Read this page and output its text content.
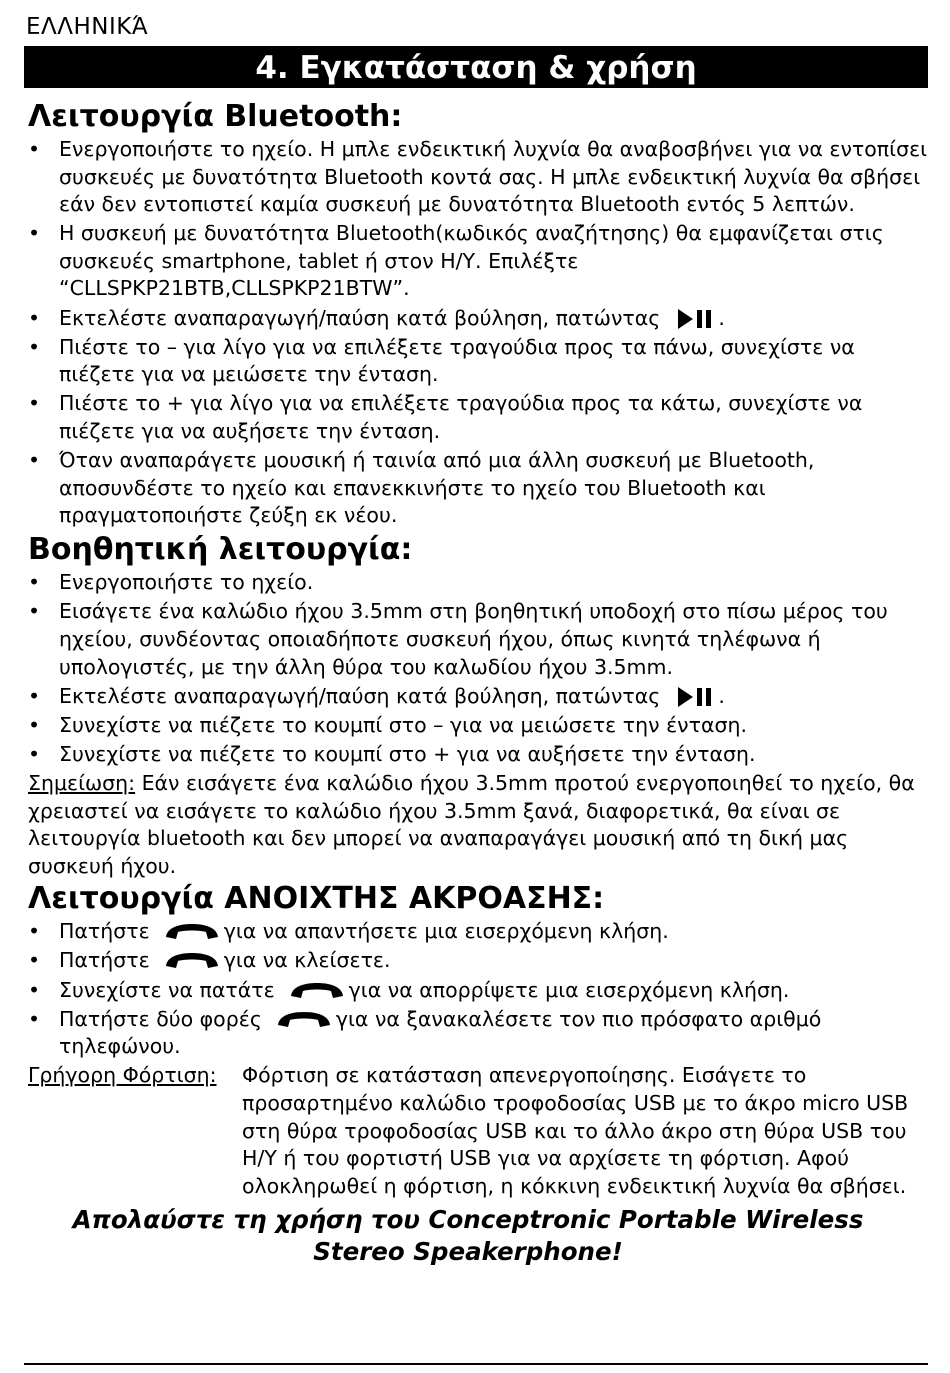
ΕΛΛΗΝΙΚΆ
4. Εγκατάσταση & χρήση
Λειτουργία Bluetooth:
• Ενεργοποιήστε το ηχείο. Η μπλε ενδεικτική λυχνία θα αναβοσβήνει για να εντοπίσει συσκευές με δυνατότητα Bluetooth κοντά σας. Η μπλε ενδεικτική λυχνία θα σβήσει εάν δεν εντοπιστεί καμία συσκευή με δυνατότητα Bluetooth εντός 5 λεπτών.
• Η συσκευή με δυνατότητα Bluetooth(κωδικός αναζήτησης) θα εμφανίζεται στις συσκευές smartphone, tablet ή στον Η/Υ. Επιλέξτε “CLLSPKP21BTB,CLLSPKP21BTW”.
• Εκτελέστε αναπαραγωγή/παύση κατά βούληση, πατώντας	.
• Πιέστε το – για λίγο για να επιλέξετε τραγούδια προς τα πάνω, συνεχίστε να πιέζετε για να μειώσετε την ένταση.
• Πιέστε το + για λίγο για να επιλέξετε τραγούδια προς τα κάτω, συνεχίστε να πιέζετε για να αυξήσετε την ένταση.
• Όταν αναπαράγετε μουσική ή ταινία από μια άλλη συσκευή με Bluetooth, αποσυνδέστε το ηχείο και επανεκκινήστε το ηχείο του Bluetooth και πραγματοποιήστε ζεύξη εκ νέου.
Βοηθητική λειτουργία:
• Ενεργοποιήστε το ηχείο.
• Εισάγετε ένα καλώδιο ήχου 3.5mm στη βοηθητική υποδοχή στο πίσω μέρος του ηχείου, συνδέοντας οποιαδήποτε συσκευή ήχου, όπως κινητά τηλέφωνα ή υπολογιστές, με την άλλη θύρα του καλωδίου ήχου 3.5mm.
• Εκτελέστε αναπαραγωγή/παύση κατά βούληση, πατώντας	.
• Συνεχίστε να πιέζετε το κουμπί στο – για να μειώσετε την ένταση.
• Συνεχίστε να πιέζετε το κουμπί στο + για να αυξήσετε την ένταση.

Σημείωση: Εάν εισάγετε ένα καλώδιο ήχου 3.5mm προτού ενεργοποιηθεί το ηχείο, θα χρειαστεί να εισάγετε το καλώδιο ήχου 3.5mm ξανά, διαφορετικά, θα είναι σε λειτουργία bluetooth και δεν μπορεί να αναπαραγάγει μουσική από τη δική μας συσκευή ήχου.

Λειτουργία ΑΝΟΙΧΤΗΣ ΑΚΡΟΑΣΗΣ:
• Πατήστε	για να απαντήσετε μια εισερχόμενη κλήση.
• Πατήστε	για να κλείσετε.
• Συνεχίστε να πατάτε	για να απορρίψετε μια εισερχόμενη κλήση.
• Πατήστε δύο φορές	για να ξανακαλέσετε τον πιο πρόσφατο αριθμό τηλεφώνου.
Γρήγορη Φόρτιση:	Φόρτιση σε κατάσταση απενεργοποίησης. Εισάγετε το προσαρτημένο καλώδιο τροφοδοσίας USB με το άκρο micro USB στη θύρα τροφοδοσίας USB και το άλλο άκρο στη θύρα USB του Η/Υ ή του φορτιστή USB για να αρχίσετε τη φόρτιση. Αφού ολοκληρωθεί η φόρτιση, η κόκκινη ενδεικτική λυχνία θα σβήσει.
Απολαύστε τη χρήση του Conceptronic Portable Wireless Stereo Speakerphone!
